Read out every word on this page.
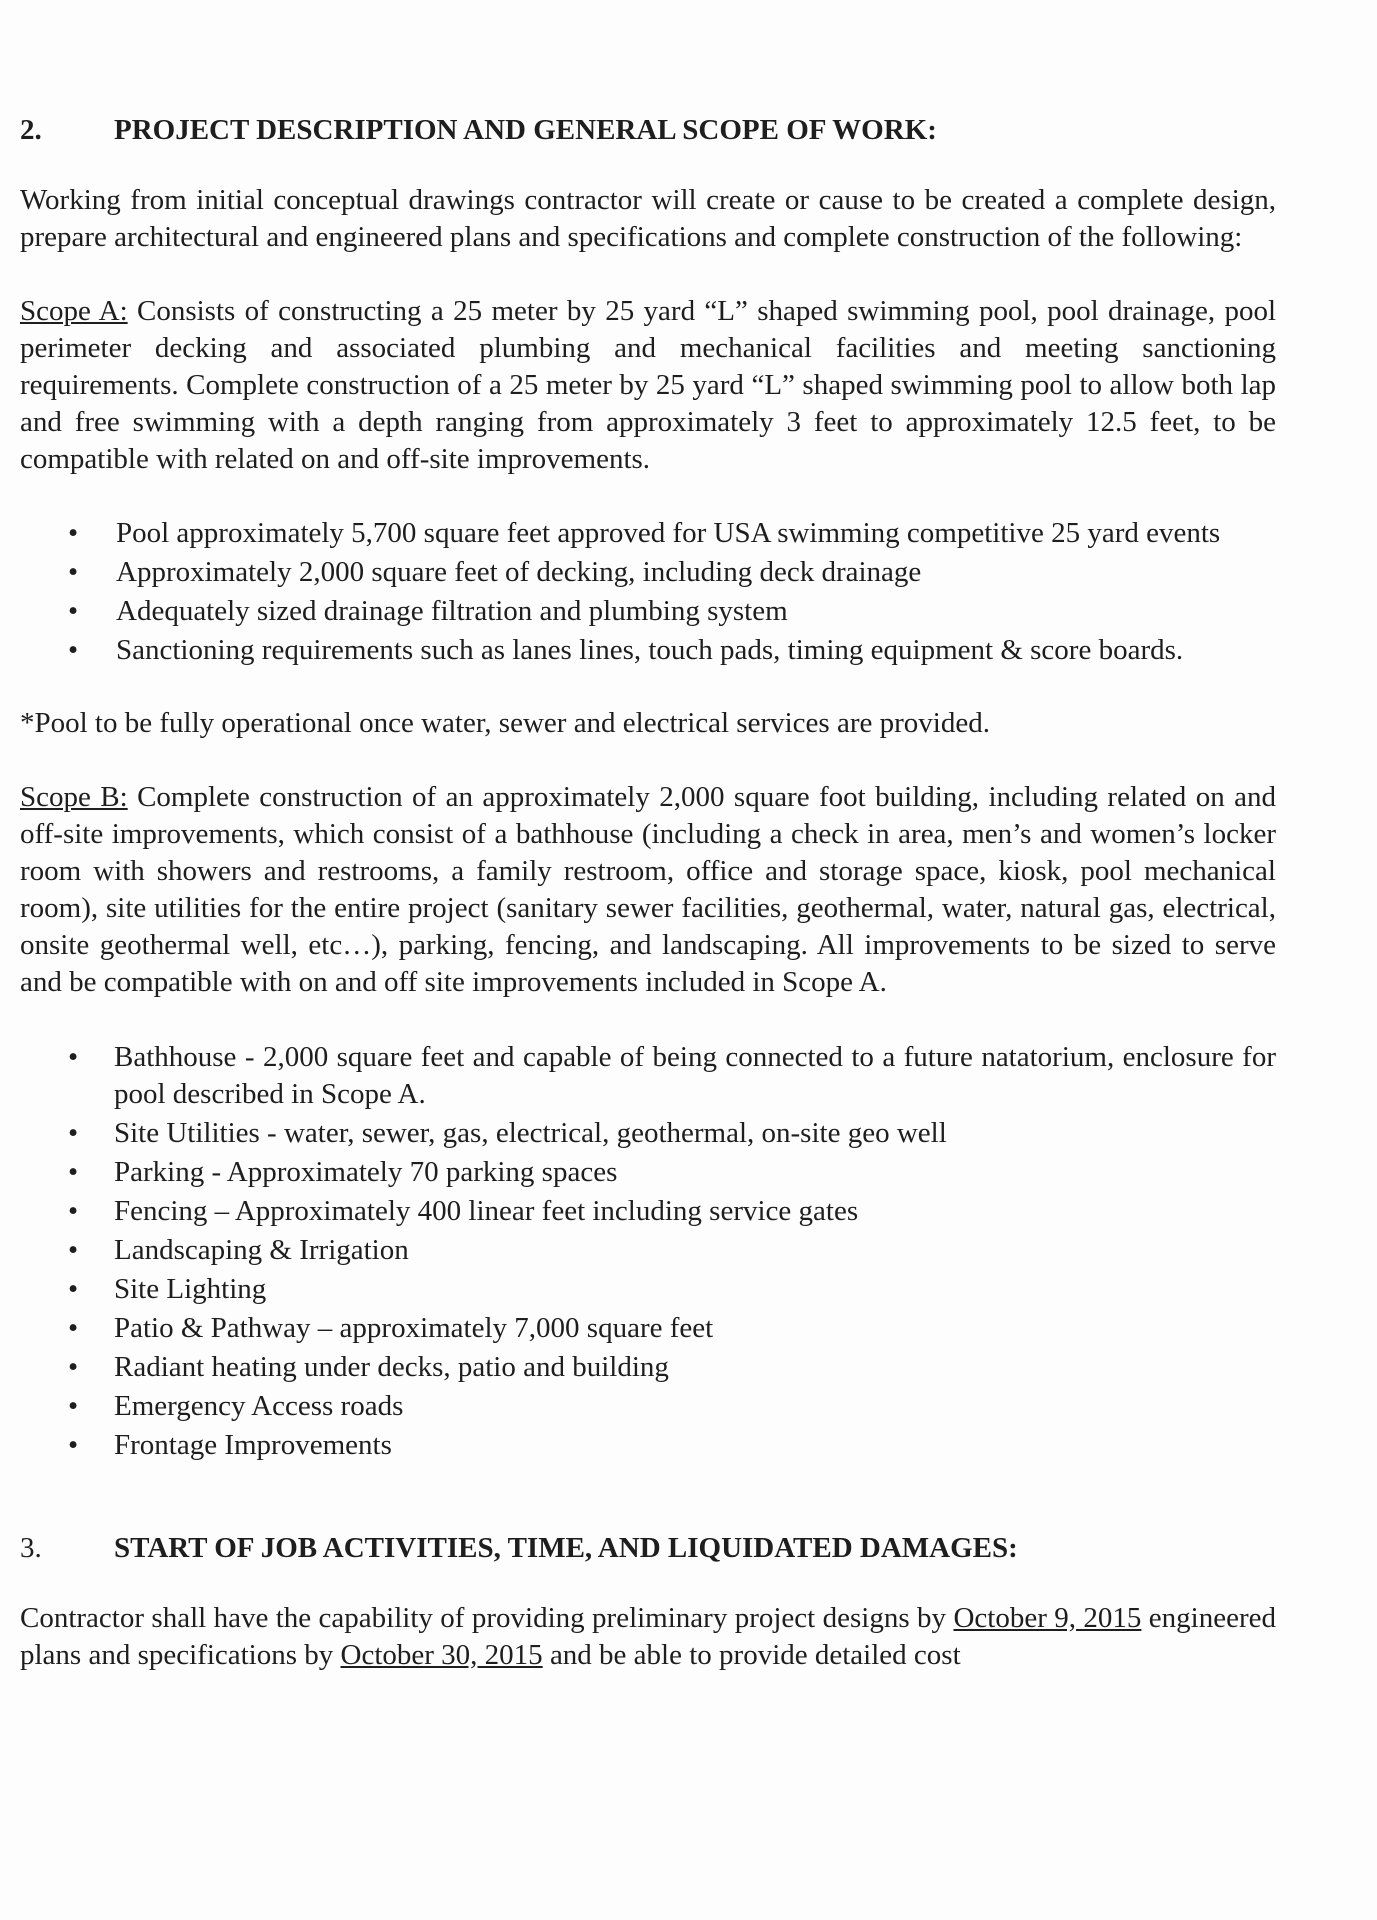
2.	PROJECT DESCRIPTION AND GENERAL SCOPE OF WORK:

Working from initial conceptual drawings contractor will create or cause to be created a complete design, prepare architectural and engineered plans and specifications and complete construction of the following:

Scope A: Consists of constructing a 25 meter by 25 yard “L” shaped swimming pool, pool drainage, pool perimeter decking and associated plumbing and mechanical facilities and meeting sanctioning requirements. Complete construction of a 25 meter by 25 yard “L” shaped swimming pool to allow both lap and free swimming with a depth ranging from approximately 3 feet to approximately 12.5 feet, to be compatible with related on and off-site improvements.

• Pool approximately 5,700 square feet approved for USA swimming competitive 25 yard events
• Approximately 2,000 square feet of decking, including deck drainage
• Adequately sized drainage filtration and plumbing system
• Sanctioning requirements such as lanes lines, touch pads, timing equipment & score boards.

*Pool to be fully operational once water, sewer and electrical services are provided.

Scope B: Complete construction of an approximately 2,000 square foot building, including related on and off-site improvements, which consist of a bathhouse (including a check in area, men’s and women’s locker room with showers and restrooms, a family restroom, office and storage space, kiosk, pool mechanical room), site utilities for the entire project (sanitary sewer facilities, geothermal, water, natural gas, electrical, onsite geothermal well, etc…), parking, fencing, and landscaping. All improvements to be sized to serve and be compatible with on and off site improvements included in Scope A.

• Bathhouse - 2,000 square feet and capable of being connected to a future natatorium, enclosure for pool described in Scope A.
• Site Utilities - water, sewer, gas, electrical, geothermal, on-site geo well
• Parking - Approximately 70 parking spaces
• Fencing – Approximately 400 linear feet including service gates
• Landscaping & Irrigation
• Site Lighting
• Patio & Pathway – approximately 7,000 square feet
• Radiant heating under decks, patio and building
• Emergency Access roads
• Frontage Improvements
3.	START OF JOB ACTIVITIES, TIME, AND LIQUIDATED DAMAGES:

Contractor shall have the capability of providing preliminary project designs by October 9, 2015 engineered plans and specifications by October 30, 2015 and be able to provide detailed cost
